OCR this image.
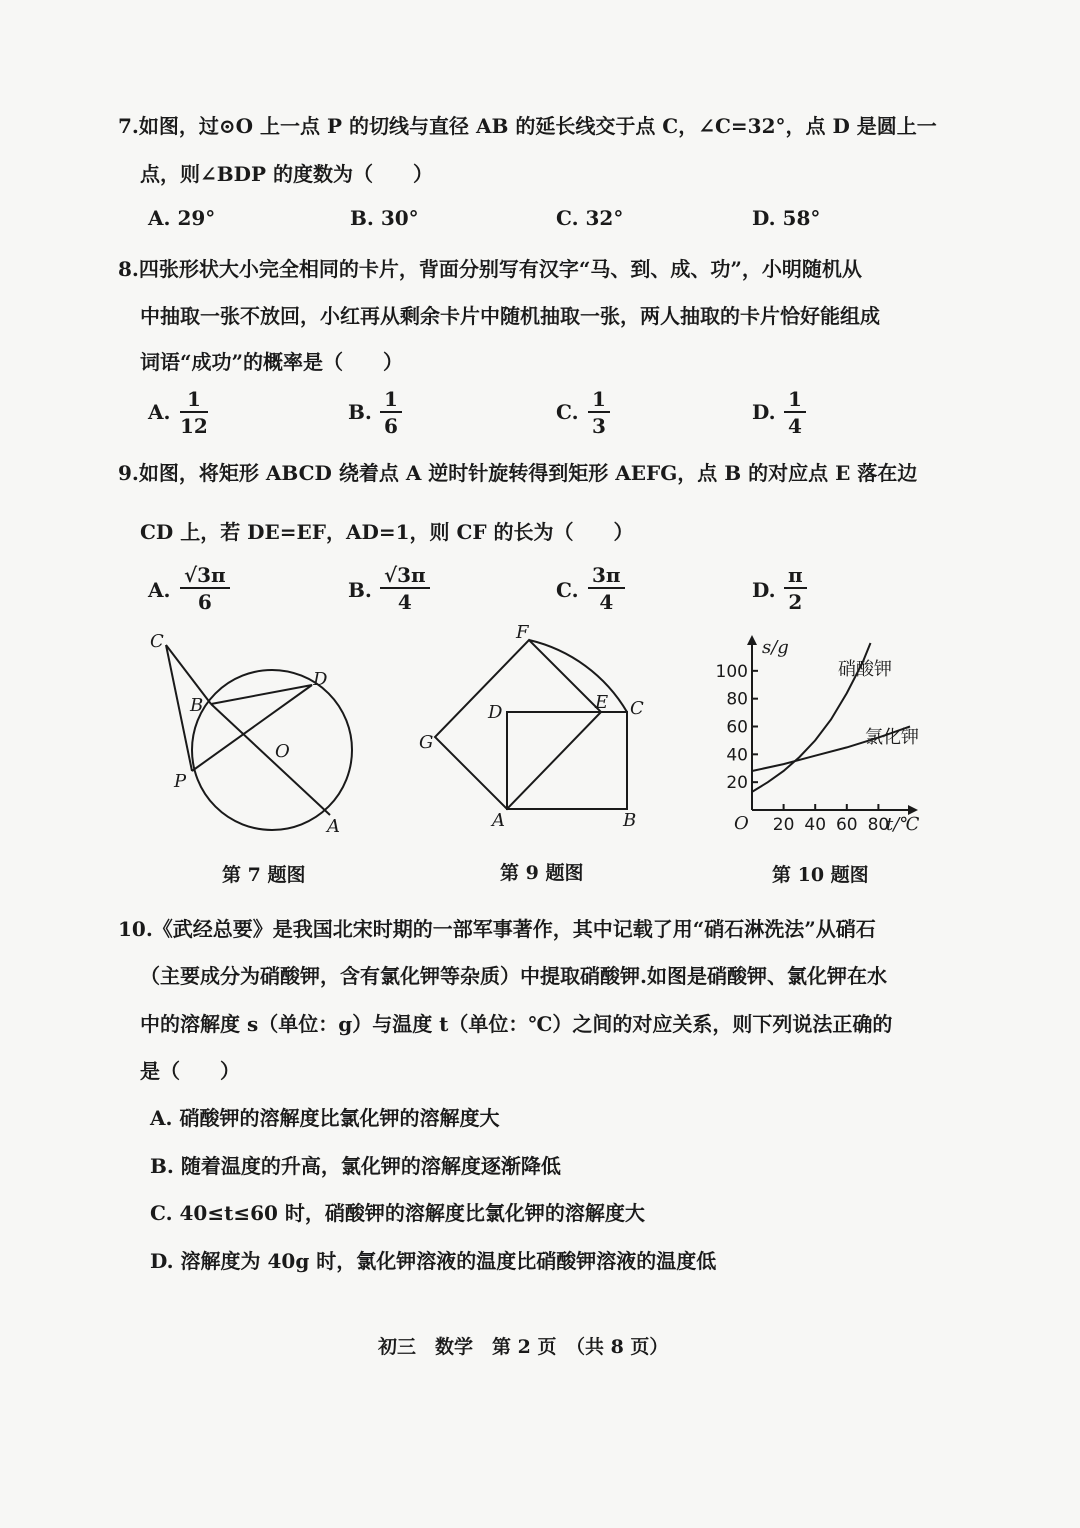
7.如图，过⊙O 上一点 P 的切线与直径 AB 的延长线交于点 C，∠C=32°，点 D 是圆上一
点，则∠BDP 的度数为（　　）
A. 29°	B. 30°	C. 32°	D. 58°
8.四张形状大小完全相同的卡片，背面分别写有汉字“马、到、成、功”，小明随机从
中抽取一张不放回，小红再从剩余卡片中随机抽取一张，两人抽取的卡片恰好能组成
词语“成功”的概率是（　　）
A. $\frac{1}{12}$	B. $\frac{1}{6}$	C. $\frac{1}{3}$	D. $\frac{1}{4}$
9.如图，将矩形 ABCD 绕着点 A 逆时针旋转得到矩形 AEFG，点 B 的对应点 E 落在边
CD 上，若 DE=EF，AD=1，则 CF 的长为（　　）
A. $\frac{√3\pi}{6}$	B. $\frac{√3\pi}{4}$	C. $\frac{3\pi}{4}$	D. $\frac{\pi}{2}$
C
B
D
O
P
A
第 7 题图
F
D	E C
G
A	B
第 9 题图
20 40 60 80
20
40
60
80
100
s/g
t/℃
O
硝酸钾
氯化钾
第 10 题图
10.《武经总要》是我国北宋时期的一部军事著作，其中记载了用“硝石淋洗法”从硝石
（主要成分为硝酸钾，含有氯化钾等杂质）中提取硝酸钾.如图是硝酸钾、氯化钾在水
中的溶解度 s（单位：g）与温度 t（单位：℃）之间的对应关系，则下列说法正确的
是（　　）
A. 硝酸钾的溶解度比氯化钾的溶解度大
B. 随着温度的升高，氯化钾的溶解度逐渐降低
C. 40≤t≤60 时，硝酸钾的溶解度比氯化钾的溶解度大
D. 溶解度为 40g 时，氯化钾溶液的温度比硝酸钾溶液的温度低
初三　数学　第 2 页　（共 8 页）
